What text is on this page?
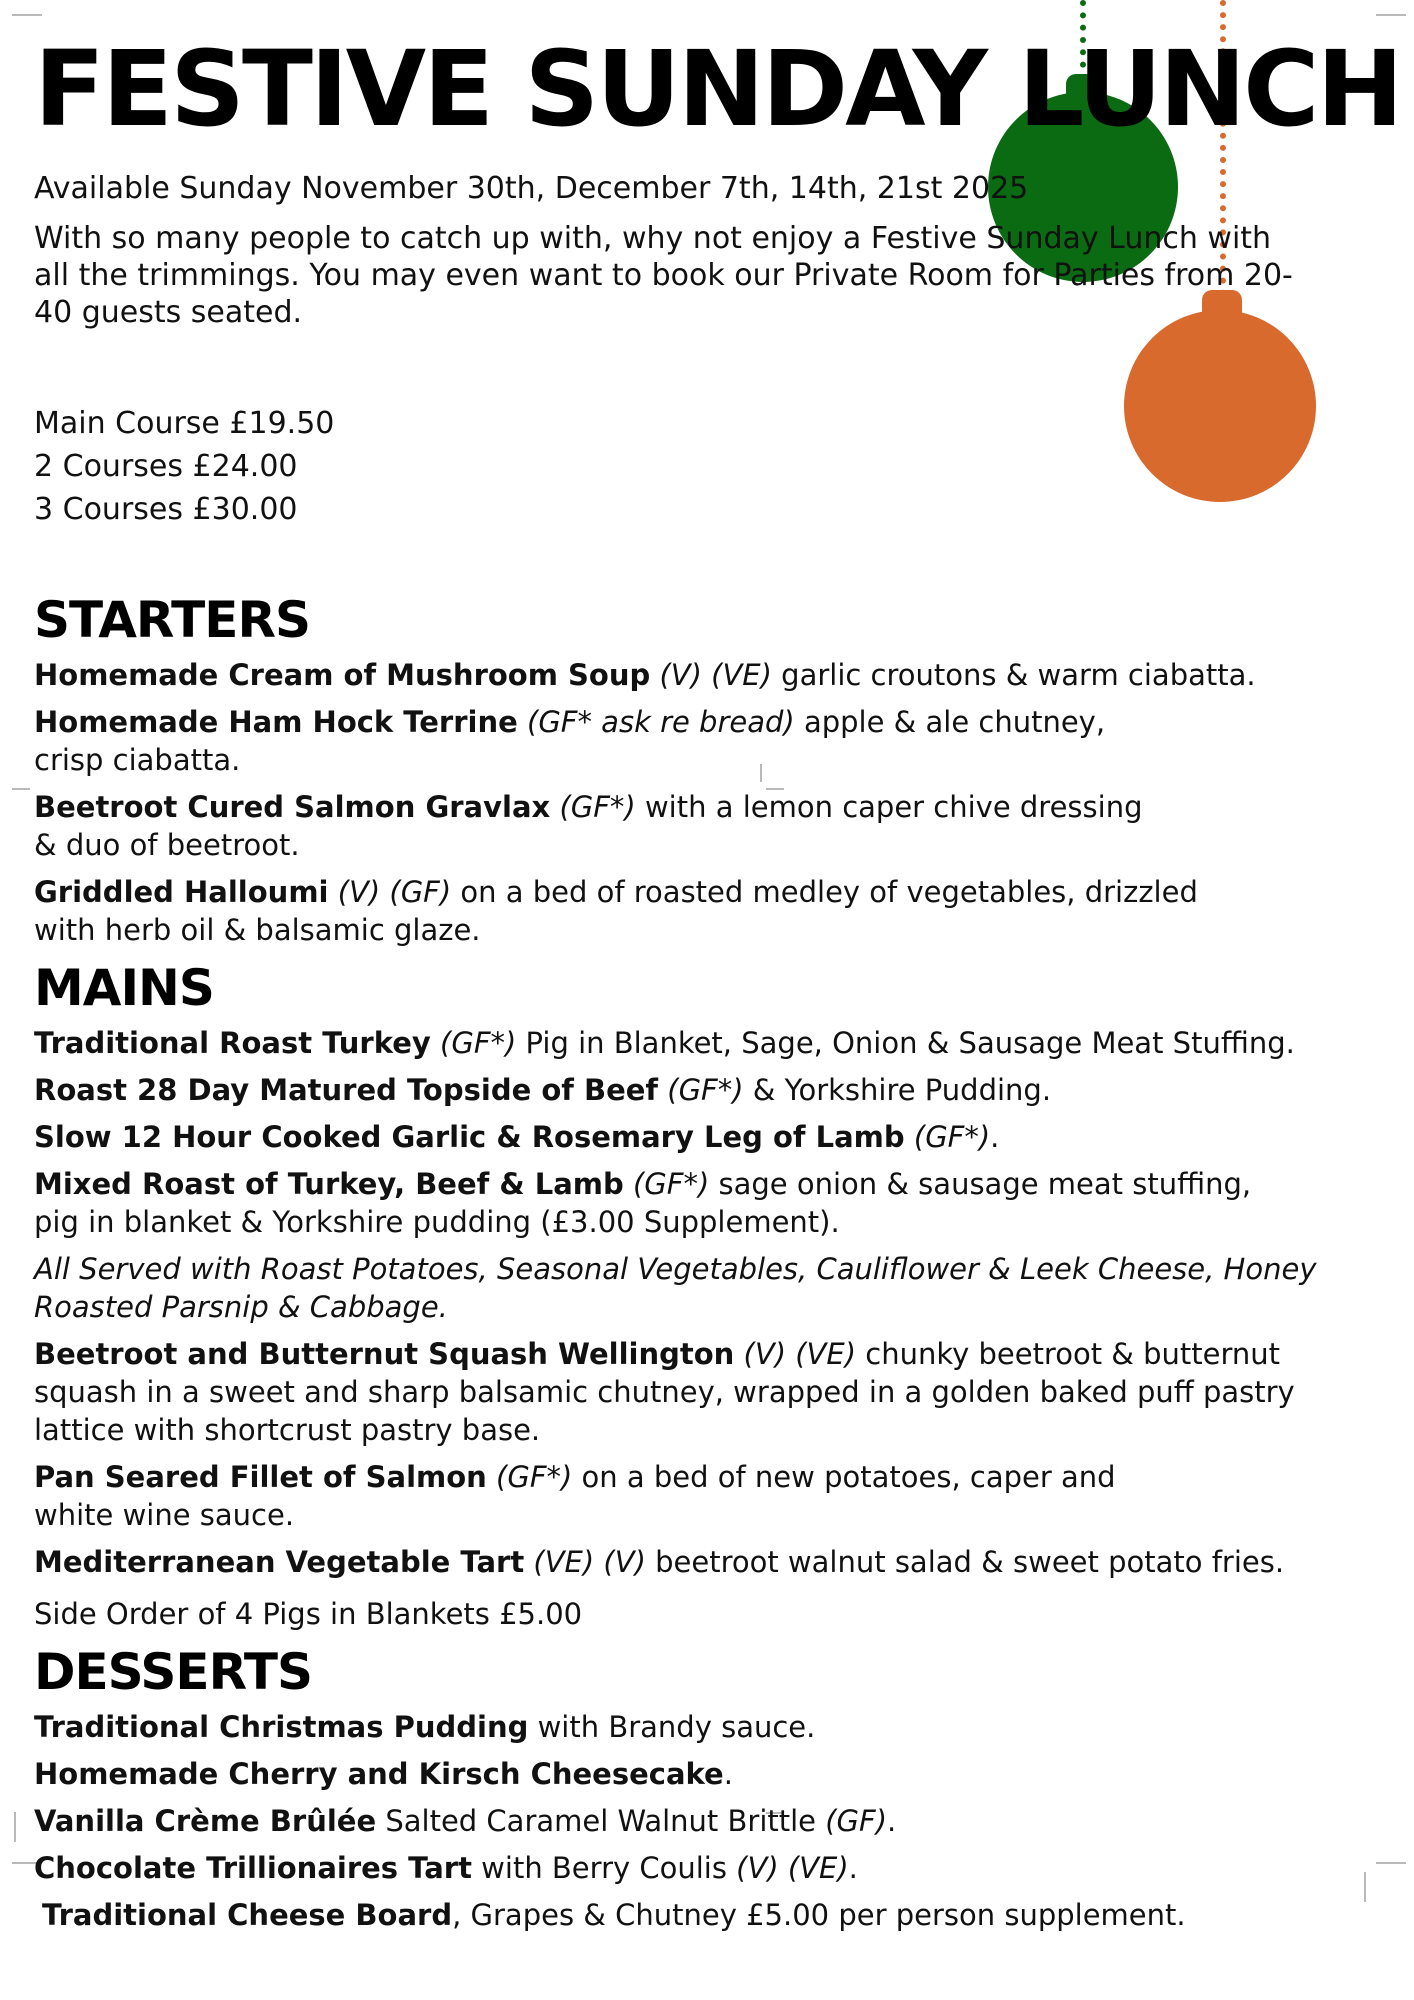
FESTIVE SUNDAY LUNCH

Available Sunday November 30th, December 7th, 14th, 21st 2025

With so many people to catch up with, why not enjoy a Festive Sunday Lunch with all the trimmings. You may even want to book our Private Room for Parties from 20-40 guests seated.

Main Course £19.50
2 Courses £24.00
3 Courses £30.00
STARTERS
Homemade Cream of Mushroom Soup (V) (VE) garlic croutons & warm ciabatta.
Homemade Ham Hock Terrine (GF* ask re bread) apple & ale chutney, crisp ciabatta.
Beetroot Cured Salmon Gravlax (GF*) with a lemon caper chive dressing & duo of beetroot.
Griddled Halloumi (V) (GF) on a bed of roasted medley of vegetables, drizzled with herb oil & balsamic glaze.
MAINS
Traditional Roast Turkey (GF*) Pig in Blanket, Sage, Onion & Sausage Meat Stuffing.
Roast 28 Day Matured Topside of Beef (GF*) & Yorkshire Pudding.
Slow 12 Hour Cooked Garlic & Rosemary Leg of Lamb (GF*).
Mixed Roast of Turkey, Beef & Lamb (GF*) sage onion & sausage meat stuffing, pig in blanket & Yorkshire pudding (£3.00 Supplement).
All Served with Roast Potatoes, Seasonal Vegetables, Cauliflower & Leek Cheese, Honey Roasted Parsnip & Cabbage.
Beetroot and Butternut Squash Wellington (V) (VE) chunky beetroot & butternut squash in a sweet and sharp balsamic chutney, wrapped in a golden baked puff pastry lattice with shortcrust pastry base.
Pan Seared Fillet of Salmon (GF*) on a bed of new potatoes, caper and white wine sauce.
Mediterranean Vegetable Tart (VE) (V) beetroot walnut salad & sweet potato fries.
Side Order of 4 Pigs in Blankets £5.00
DESSERTS
Traditional Christmas Pudding with Brandy sauce.
Homemade Cherry and Kirsch Cheesecake.
Vanilla Crème Brûlée Salted Caramel Walnut Brittle (GF).
Chocolate Trillionaires Tart with Berry Coulis (V) (VE).
Traditional Cheese Board, Grapes & Chutney £5.00 per person supplement.
